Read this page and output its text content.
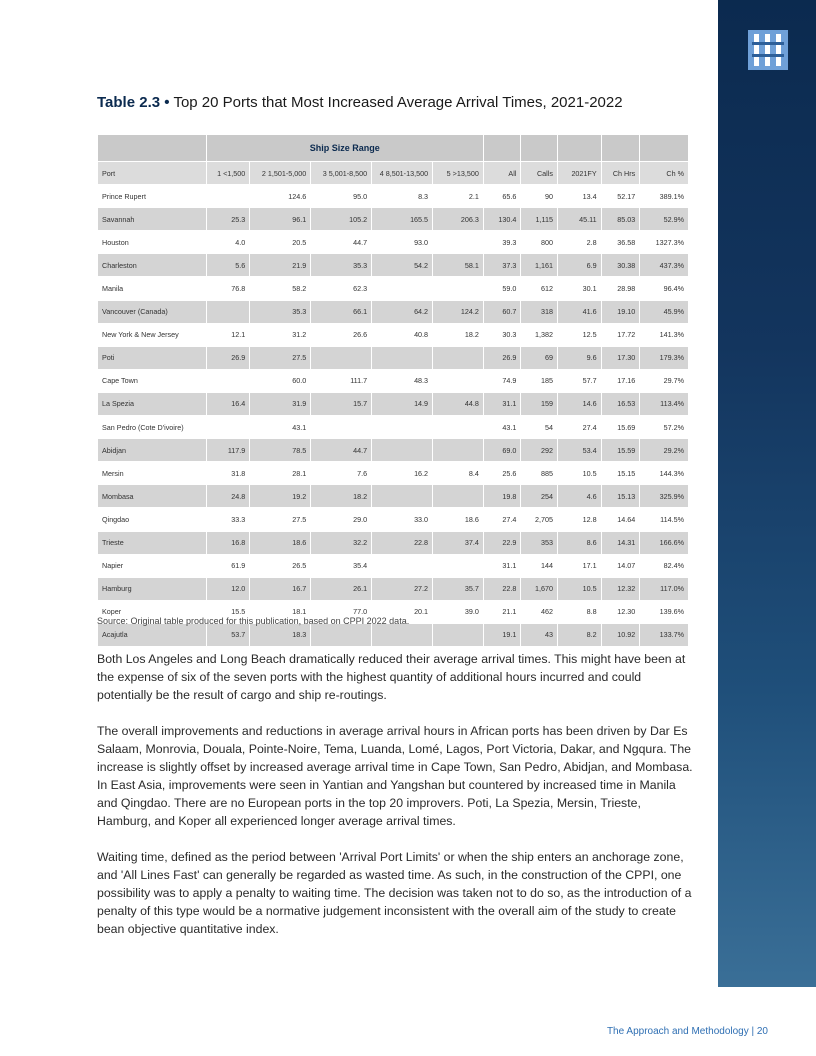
Table 2.3 • Top 20 Ports that Most Increased Average Arrival Times, 2021-2022
	Ship Size Range									
Port	1 <1,500	2 1,501-5,000	3 5,001-8,500	4 8,501-13,500	5 >13,500	All	Calls	2021FY	Ch Hrs	Ch %
Prince Rupert		124.6	95.0	8.3	2.1	65.6	90	13.4	52.17	389.1%
Savannah	25.3	96.1	105.2	165.5	206.3	130.4	1,115	45.11	85.03	52.9%
Houston	4.0	20.5	44.7	93.0		39.3	800	2.8	36.58	1327.3%
Charleston	5.6	21.9	35.3	54.2	58.1	37.3	1,161	6.9	30.38	437.3%
Manila	76.8	58.2	62.3			59.0	612	30.1	28.98	96.4%
Vancouver (Canada)		35.3	66.1	64.2	124.2	60.7	318	41.6	19.10	45.9%
New York & New Jersey	12.1	31.2	26.6	40.8	18.2	30.3	1,382	12.5	17.72	141.3%
Poti	26.9	27.5				26.9	69	9.6	17.30	179.3%
Cape Town		60.0	111.7	48.3		74.9	185	57.7	17.16	29.7%
La Spezia	16.4	31.9	15.7	14.9	44.8	31.1	159	14.6	16.53	113.4%
San Pedro (Cote D'ivoire)		43.1				43.1	54	27.4	15.69	57.2%
Abidjan	117.9	78.5	44.7			69.0	292	53.4	15.59	29.2%
Mersin	31.8	28.1	7.6	16.2	8.4	25.6	885	10.5	15.15	144.3%
Mombasa	24.8	19.2	18.2			19.8	254	4.6	15.13	325.9%
Qingdao	33.3	27.5	29.0	33.0	18.6	27.4	2,705	12.8	14.64	114.5%
Trieste	16.8	18.6	32.2	22.8	37.4	22.9	353	8.6	14.31	166.6%
Napier	61.9	26.5	35.4			31.1	144	17.1	14.07	82.4%
Hamburg	12.0	16.7	26.1	27.2	35.7	22.8	1,670	10.5	12.32	117.0%
Koper	15.5	18.1	77.0	20.1	39.0	21.1	462	8.8	12.30	139.6%
Acajutla	53.7	18.3				19.1	43	8.2	10.92	133.7%
Source: Original table produced for this publication, based on CPPI 2022 data.

Both Los Angeles and Long Beach dramatically reduced their average arrival times. This might have been at the expense of six of the seven ports with the highest quantity of additional hours incurred and could potentially be the result of cargo and ship re-routings.

The overall improvements and reductions in average arrival hours in African ports has been driven by Dar Es Salaam, Monrovia, Douala, Pointe-Noire, Tema, Luanda, Lomé, Lagos, Port Victoria, Dakar, and Ngqura. The increase is slightly offset by increased average arrival time in Cape Town, San Pedro, Abidjan, and Mombasa. In East Asia, improvements were seen in Yantian and Yangshan but countered by increased time in Manila and Qingdao. There are no European ports in the top 20 improvers. Poti, La Spezia, Mersin, Trieste, Hamburg, and Koper all experienced longer average arrival times.

Waiting time, defined as the period between 'Arrival Port Limits' or when the ship enters an anchorage zone, and 'All Lines Fast' can generally be regarded as wasted time. As such, in the construction of the CPPI, one possibility was to apply a penalty to waiting time. The decision was taken not to do so, as the introduction of a penalty of this type would be a normative judgement inconsistent with the overall aim of the study to create bean objective quantitative index.

The Approach and Methodology | 20
